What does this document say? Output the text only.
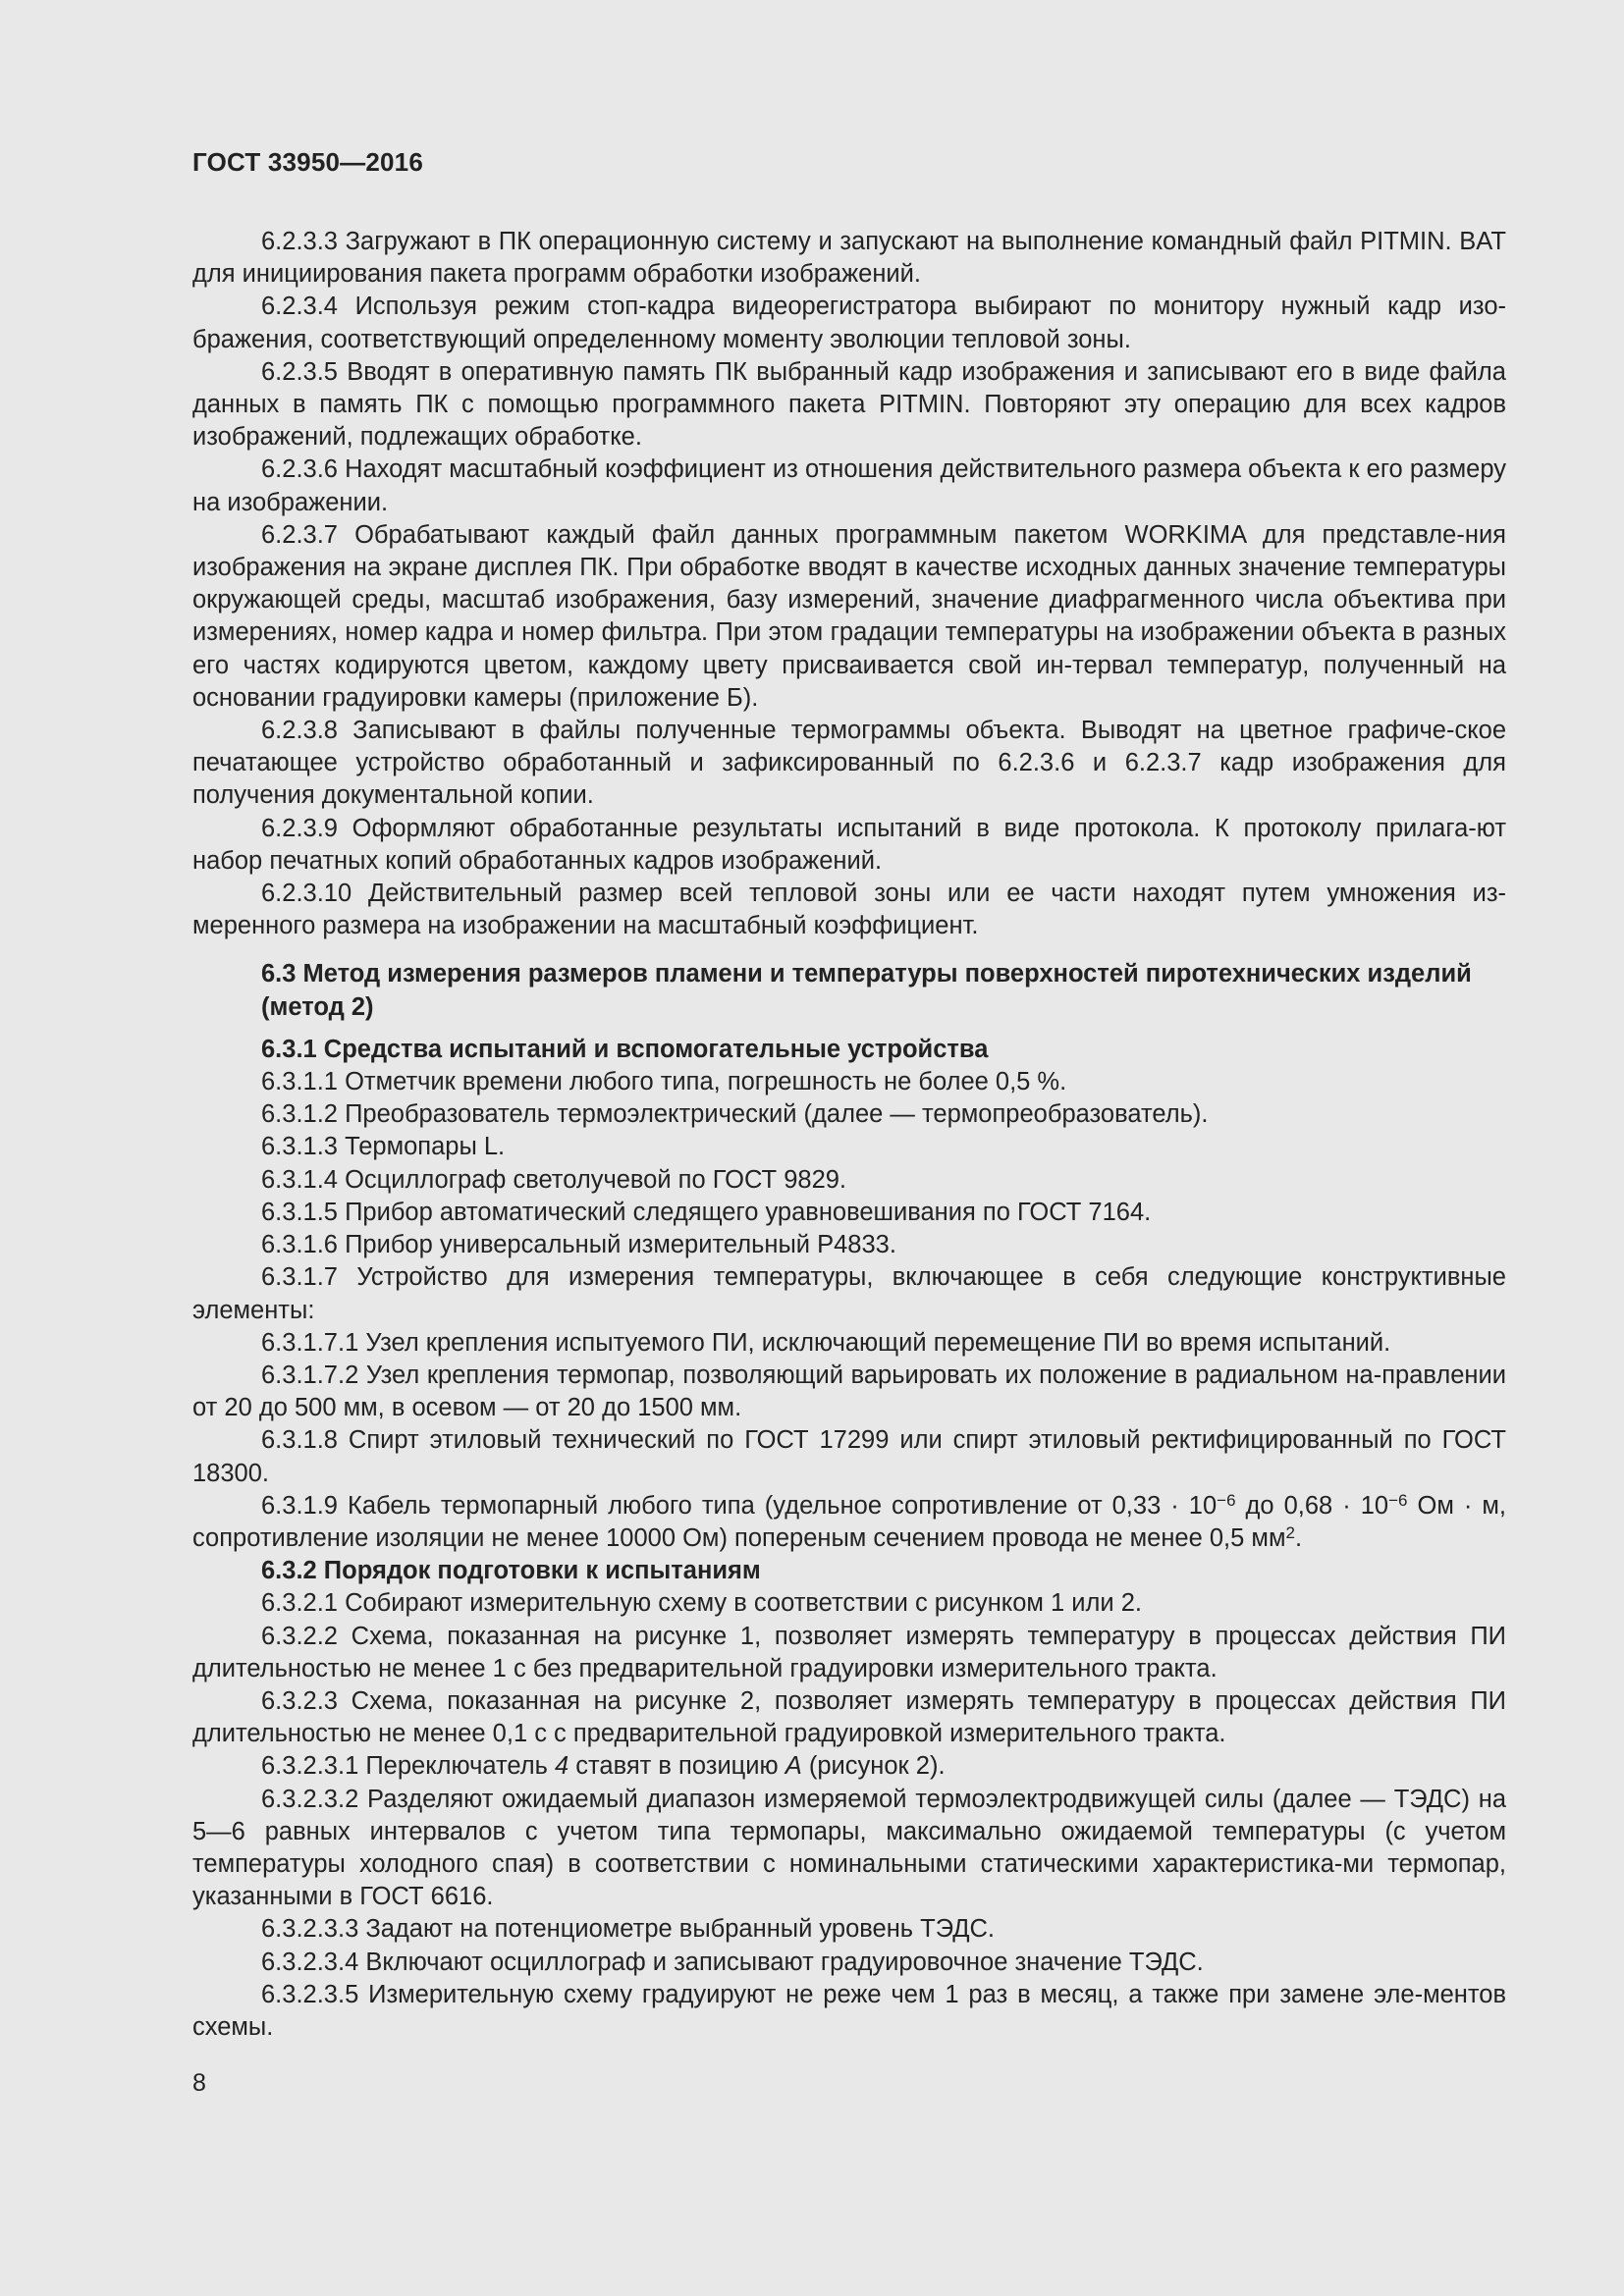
ГОСТ 33950—2016

6.2.3.3 Загружают в ПК операционную систему и запускают на выполнение командный файл PITMIN. BAT для инициирования пакета программ обработки изображений.

6.2.3.4 Используя режим стоп-кадра видеорегистратора выбирают по монитору нужный кадр изо-бражения, соответствующий определенному моменту эволюции тепловой зоны.

6.2.3.5 Вводят в оперативную память ПК выбранный кадр изображения и записывают его в виде файла данных в память ПК с помощью программного пакета PITMIN. Повторяют эту операцию для всех кадров изображений, подлежащих обработке.

6.2.3.6 Находят масштабный коэффициент из отношения действительного размера объекта к его размеру на изображении.

6.2.3.7 Обрабатывают каждый файл данных программным пакетом WORKIMA для представле-ния изображения на экране дисплея ПК. При обработке вводят в качестве исходных данных значение температуры окружающей среды, масштаб изображения, базу измерений, значение диафрагменного числа объектива при измерениях, номер кадра и номер фильтра. При этом градации температуры на изображении объекта в разных его частях кодируются цветом, каждому цвету присваивается свой ин-тервал температур, полученный на основании градуировки камеры (приложение Б).

6.2.3.8 Записывают в файлы полученные термограммы объекта. Выводят на цветное графиче-ское печатающее устройство обработанный и зафиксированный по 6.2.3.6 и 6.2.3.7 кадр изображения для получения документальной копии.

6.2.3.9 Оформляют обработанные результаты испытаний в виде протокола. К протоколу прилага-ют набор печатных копий обработанных кадров изображений.

6.2.3.10 Действительный размер всей тепловой зоны или ее части находят путем умножения из-меренного размера на изображении на масштабный коэффициент.

6.3 Метод измерения размеров пламени и температуры поверхностей пиротехнических изделий (метод 2)

6.3.1 Средства испытаний и вспомогательные устройства

6.3.1.1 Отметчик времени любого типа, погрешность не более 0,5 %.

6.3.1.2 Преобразователь термоэлектрический (далее — термопреобразователь).

6.3.1.3 Термопары L.

6.3.1.4 Осциллограф светолучевой по ГОСТ 9829.

6.3.1.5 Прибор автоматический следящего уравновешивания по ГОСТ 7164.

6.3.1.6 Прибор универсальный измерительный Р4833.

6.3.1.7 Устройство для измерения температуры, включающее в себя следующие конструктивные элементы:

6.3.1.7.1 Узел крепления испытуемого ПИ, исключающий перемещение ПИ во время испытаний.

6.3.1.7.2 Узел крепления термопар, позволяющий варьировать их положение в радиальном на-правлении от 20 до 500 мм, в осевом — от 20 до 1500 мм.

6.3.1.8 Спирт этиловый технический по ГОСТ 17299 или спирт этиловый ректифицированный по ГОСТ 18300.

6.3.1.9 Кабель термопарный любого типа (удельное сопротивление от $0,33 \cdot 10^{-6}$ до $0,68 \cdot 10^{-6}$ Ом · м, сопротивление изоляции не менее 10000 Ом) попереным сечением провода не менее 0,5 $мм^2$.

6.3.2 Порядок подготовки к испытаниям

6.3.2.1 Собирают измерительную схему в соответствии с рисунком 1 или 2.

6.3.2.2 Схема, показанная на рисунке 1, позволяет измерять температуру в процессах действия ПИ длительностью не менее 1 с без предварительной градуировки измерительного тракта.

6.3.2.3 Схема, показанная на рисунке 2, позволяет измерять температуру в процессах действия ПИ длительностью не менее 0,1 с с предварительной градуировкой измерительного тракта.

6.3.2.3.1 Переключатель 4 ставят в позицию А (рисунок 2).

6.3.2.3.2 Разделяют ожидаемый диапазон измеряемой термоэлектродвижущей силы (далее — ТЭДС) на 5—6 равных интервалов с учетом типа термопары, максимально ожидаемой температуры (с учетом температуры холодного спая) в соответствии с номинальными статическими характеристика-ми термопар, указанными в ГОСТ 6616.

6.3.2.3.3 Задают на потенциометре выбранный уровень ТЭДС.

6.3.2.3.4 Включают осциллограф и записывают градуировочное значение ТЭДС.

6.3.2.3.5 Измерительную схему градуируют не реже чем 1 раз в месяц, а также при замене эле-ментов схемы.

8
